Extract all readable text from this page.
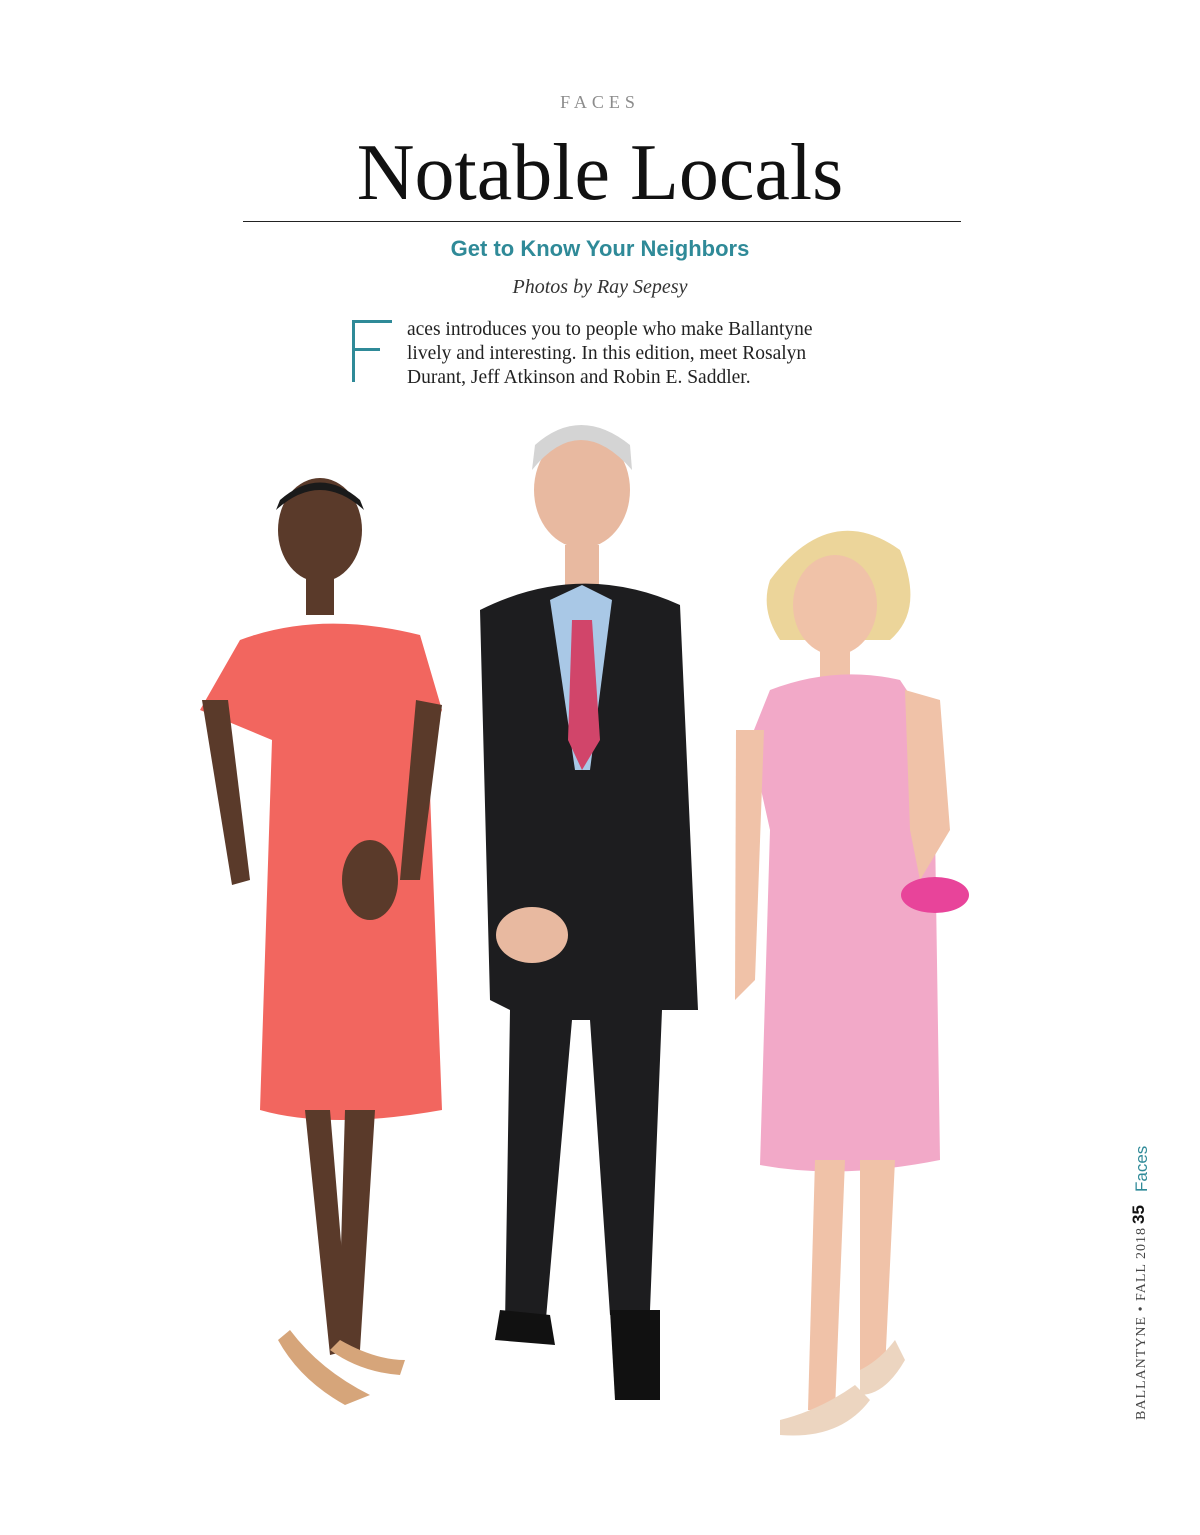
FACES
Notable Locals
Get to Know Your Neighbors
Photos by Ray Sepesy
aces introduces you to people who make Ballantyne lively and interesting. In this edition, meet Rosalyn Durant, Jeff Atkinson and Robin E. Saddler.
Faces
35
BALLANTYNE • FALL 2018
